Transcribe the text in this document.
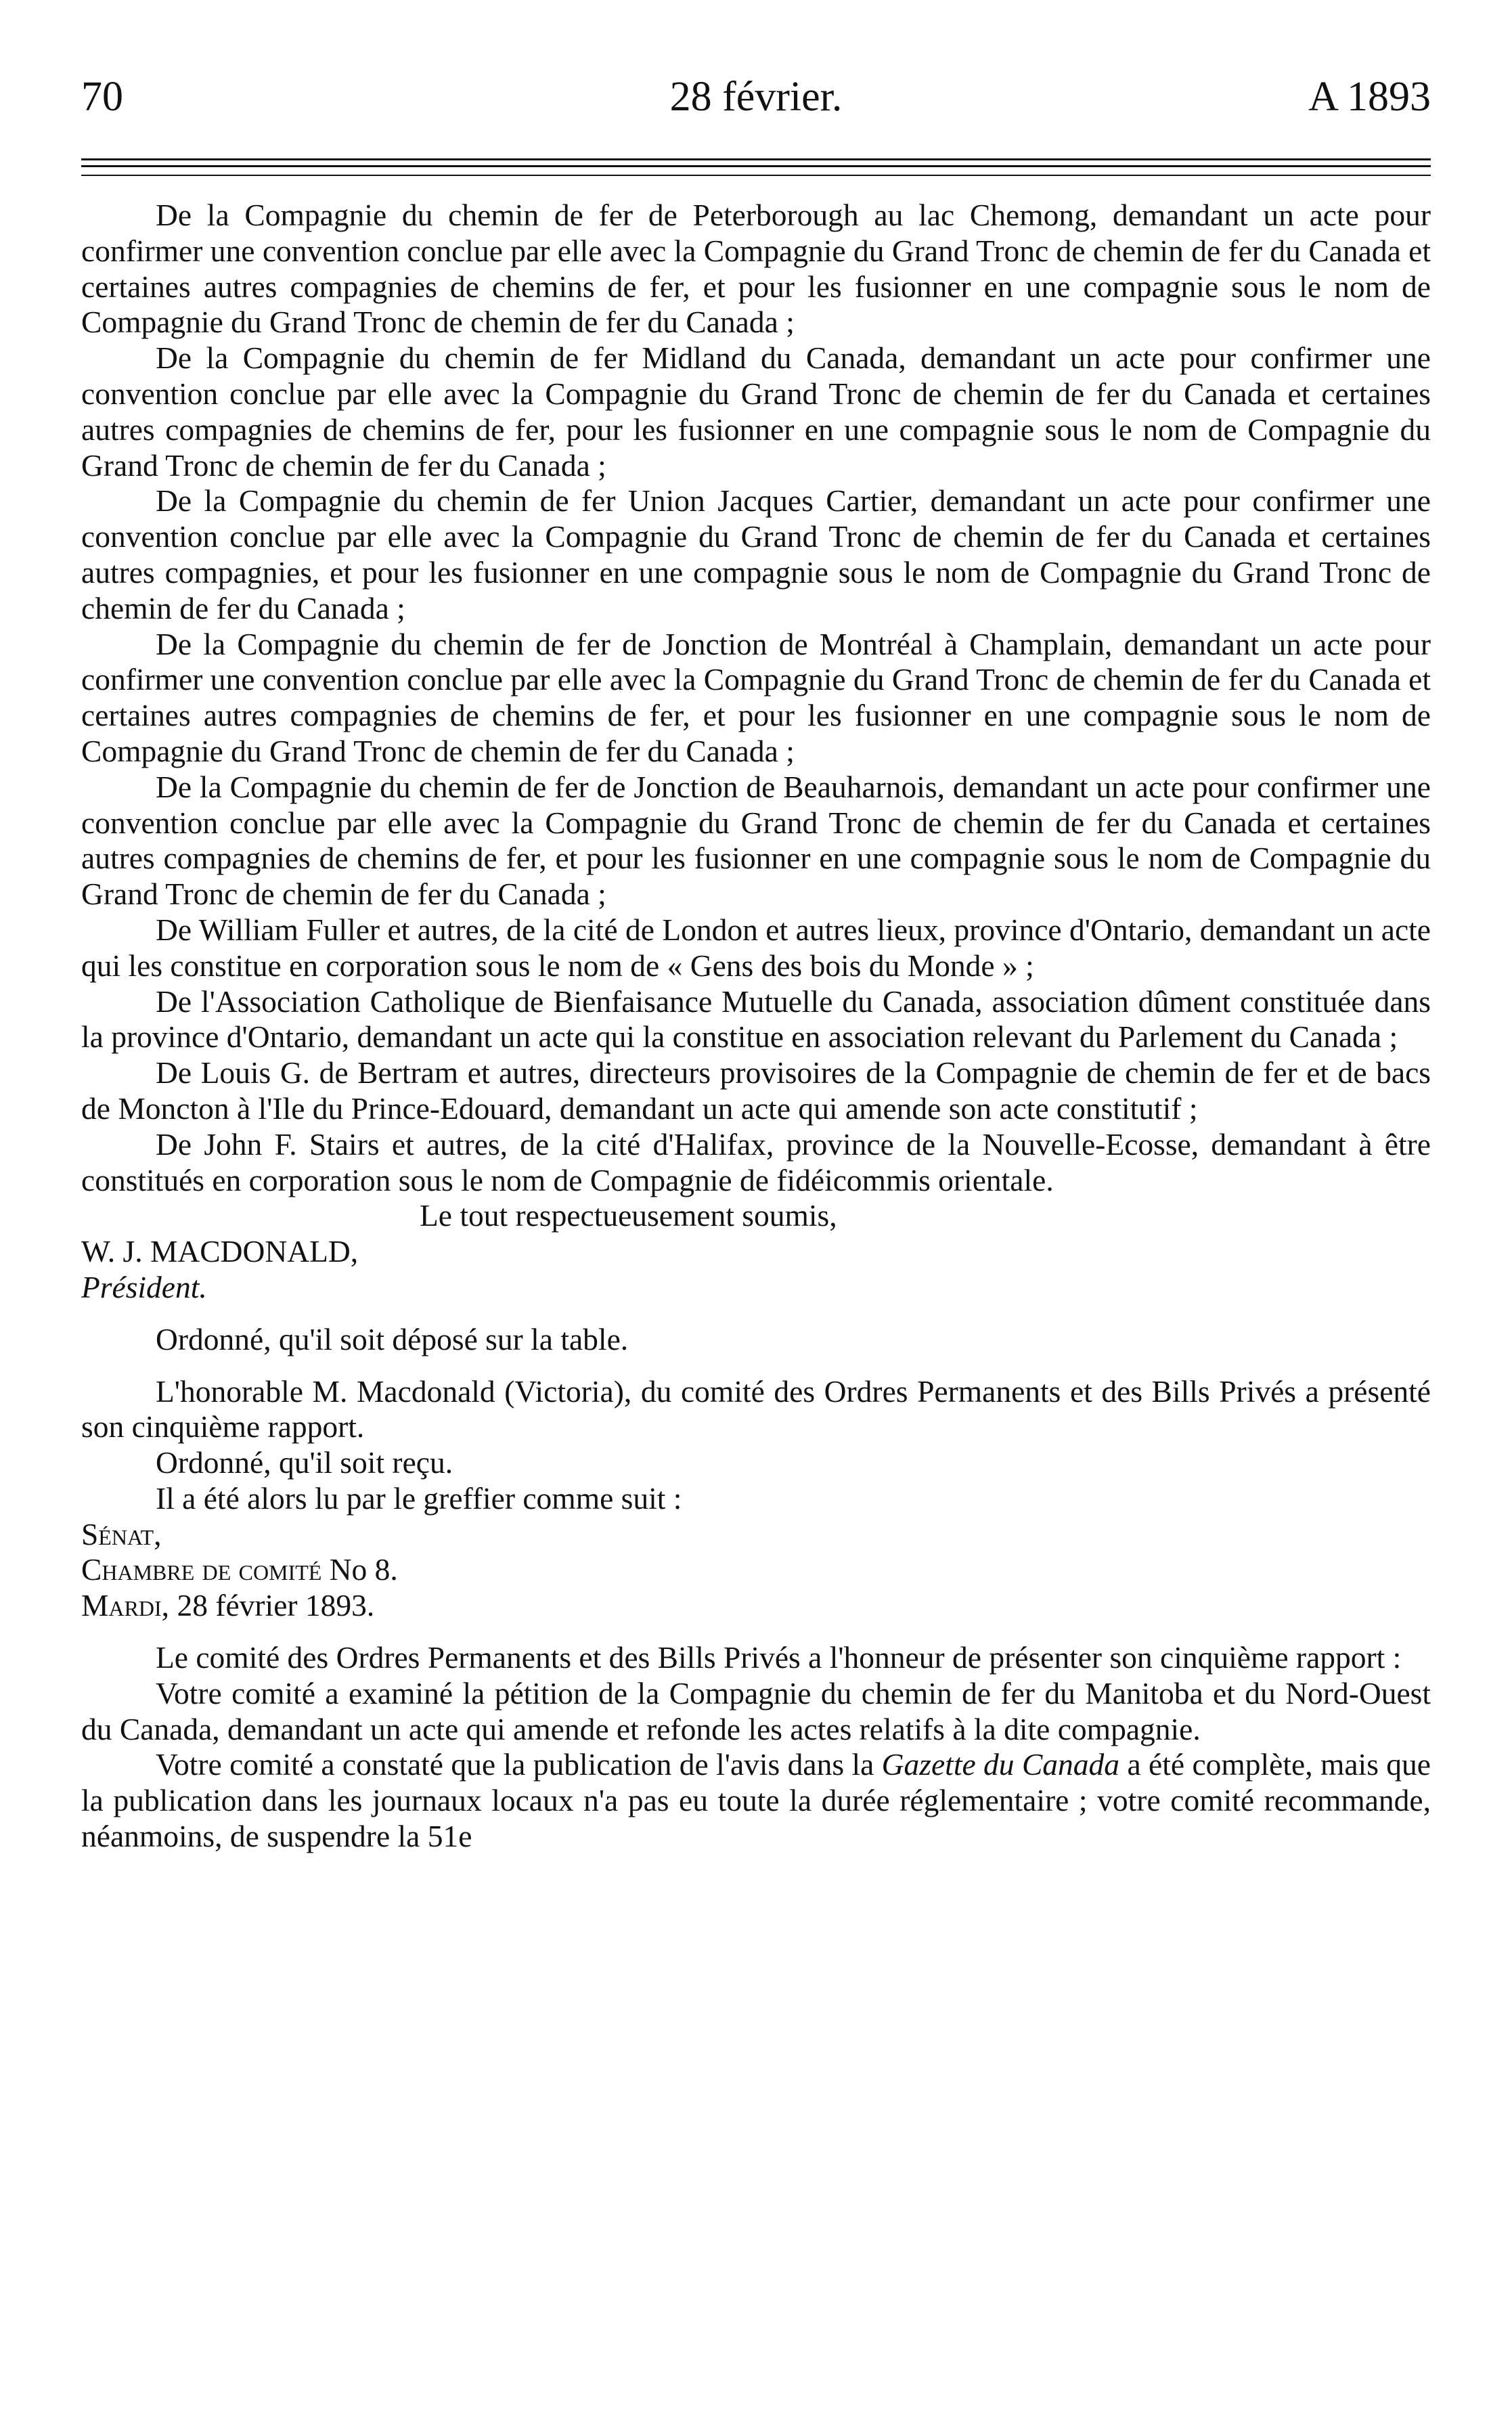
70	28 février.	A 1893

De la Compagnie du chemin de fer de Peterborough au lac Chemong, demandant un acte pour confirmer une convention conclue par elle avec la Compagnie du Grand Tronc de chemin de fer du Canada et certaines autres compagnies de chemins de fer, et pour les fusionner en une compagnie sous le nom de Compagnie du Grand Tronc de chemin de fer du Canada ;

De la Compagnie du chemin de fer Midland du Canada, demandant un acte pour confirmer une convention conclue par elle avec la Compagnie du Grand Tronc de chemin de fer du Canada et certaines autres compagnies de chemins de fer, pour les fusionner en une compagnie sous le nom de Compagnie du Grand Tronc de chemin de fer du Canada ;

De la Compagnie du chemin de fer Union Jacques Cartier, demandant un acte pour confirmer une convention conclue par elle avec la Compagnie du Grand Tronc de chemin de fer du Canada et certaines autres compagnies, et pour les fusionner en une compagnie sous le nom de Compagnie du Grand Tronc de chemin de fer du Canada ;

De la Compagnie du chemin de fer de Jonction de Montréal à Champlain, demandant un acte pour confirmer une convention conclue par elle avec la Compagnie du Grand Tronc de chemin de fer du Canada et certaines autres compagnies de chemins de fer, et pour les fusionner en une compagnie sous le nom de Compagnie du Grand Tronc de chemin de fer du Canada ;

De la Compagnie du chemin de fer de Jonction de Beauharnois, demandant un acte pour confirmer une convention conclue par elle avec la Compagnie du Grand Tronc de chemin de fer du Canada et certaines autres compagnies de chemins de fer, et pour les fusionner en une compagnie sous le nom de Compagnie du Grand Tronc de chemin de fer du Canada ;

De William Fuller et autres, de la cité de London et autres lieux, province d'Ontario, demandant un acte qui les constitue en corporation sous le nom de « Gens des bois du Monde » ;

De l'Association Catholique de Bienfaisance Mutuelle du Canada, association dûment constituée dans la province d'Ontario, demandant un acte qui la constitue en association relevant du Parlement du Canada ;

De Louis G. de Bertram et autres, directeurs provisoires de la Compagnie de chemin de fer et de bacs de Moncton à l'Ile du Prince-Edouard, demandant un acte qui amende son acte constitutif ;

De John F. Stairs et autres, de la cité d'Halifax, province de la Nouvelle-Ecosse, demandant à être constitués en corporation sous le nom de Compagnie de fidéicommis orientale.

Le tout respectueusement soumis,

W. J. MACDONALD,

Président.

Ordonné, qu'il soit déposé sur la table.

L'honorable M. Macdonald (Victoria), du comité des Ordres Permanents et des Bills Privés a présenté son cinquième rapport.

Ordonné, qu'il soit reçu.

Il a été alors lu par le greffier comme suit :

Sénat,

Chambre de comité No 8.

Mardi, 28 février 1893.

Le comité des Ordres Permanents et des Bills Privés a l'honneur de présenter son cinquième rapport :

Votre comité a examiné la pétition de la Compagnie du chemin de fer du Manitoba et du Nord-Ouest du Canada, demandant un acte qui amende et refonde les actes relatifs à la dite compagnie.

Votre comité a constaté que la publication de l'avis dans la Gazette du Canada a été complète, mais que la publication dans les journaux locaux n'a pas eu toute la durée réglementaire ; votre comité recommande, néanmoins, de suspendre la 51e
